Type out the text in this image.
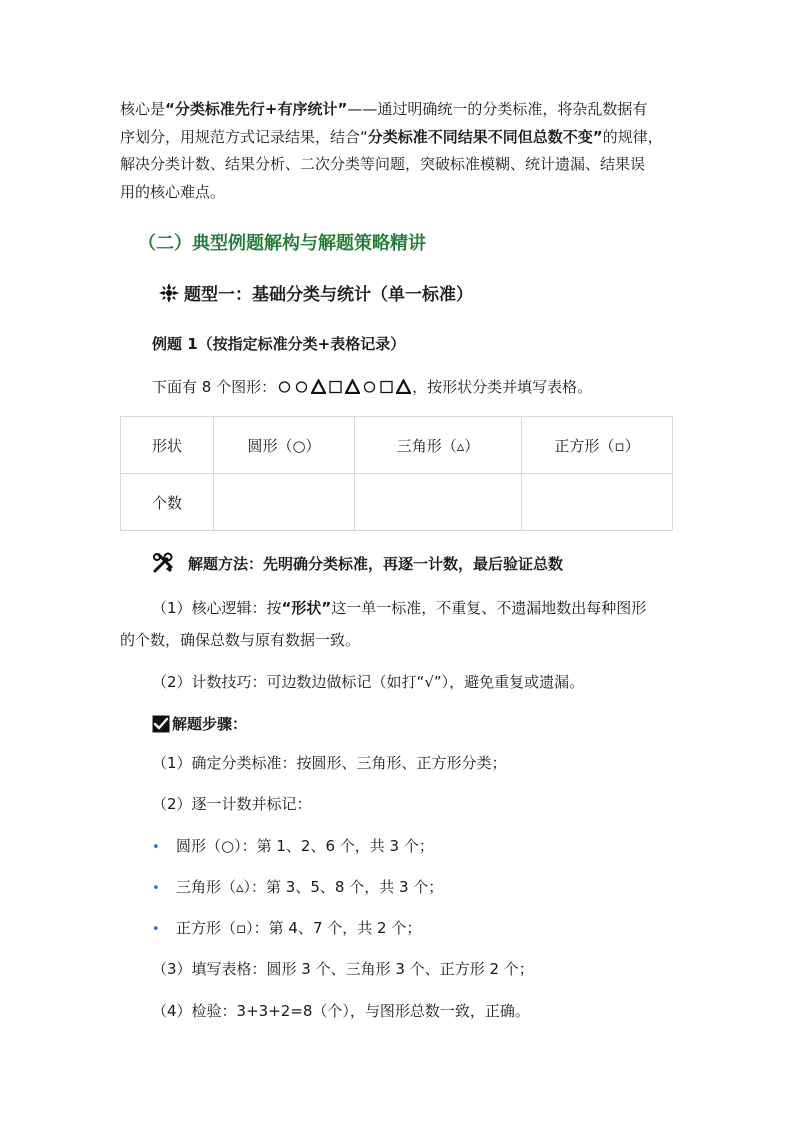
核心是“分类标准先行+有序统计”——通过明确统一的分类标准，将杂乱数据有
序划分，用规范方式记录结果，结合“分类标准不同结果不同但总数不变”的规律，
解决分类计数、结果分析、二次分类等问题，突破标准模糊、统计遗漏、结果误
用的核心难点。
（二）典型例题解构与解题策略精讲
题型一：基础分类与统计（单一标准）
例题 1（按指定标准分类+表格记录）
下面有 8 个图形：	，按形状分类并填写表格。
形状	圆形（○）	三角形（▵）	正方形（▫）
个数			
解题方法：先明确分类标准，再逐一计数，最后验证总数
（1）核心逻辑：按“形状”这一单一标准，不重复、不遗漏地数出每种图形
的个数，确保总数与原有数据一致。
（2）计数技巧：可边数边做标记（如打“√”），避免重复或遗漏。
解题步骤：
（1）确定分类标准：按圆形、三角形、正方形分类；
（2）逐一计数并标记：
• 圆形（○）：第 1、2、6 个，共 3 个；
• 三角形（▵）：第 3、5、8 个，共 3 个；
• 正方形（▫）：第 4、7 个，共 2 个；
（3）填写表格：圆形 3 个、三角形 3 个、正方形 2 个；
（4）检验：3+3+2=8（个），与图形总数一致，正确。
